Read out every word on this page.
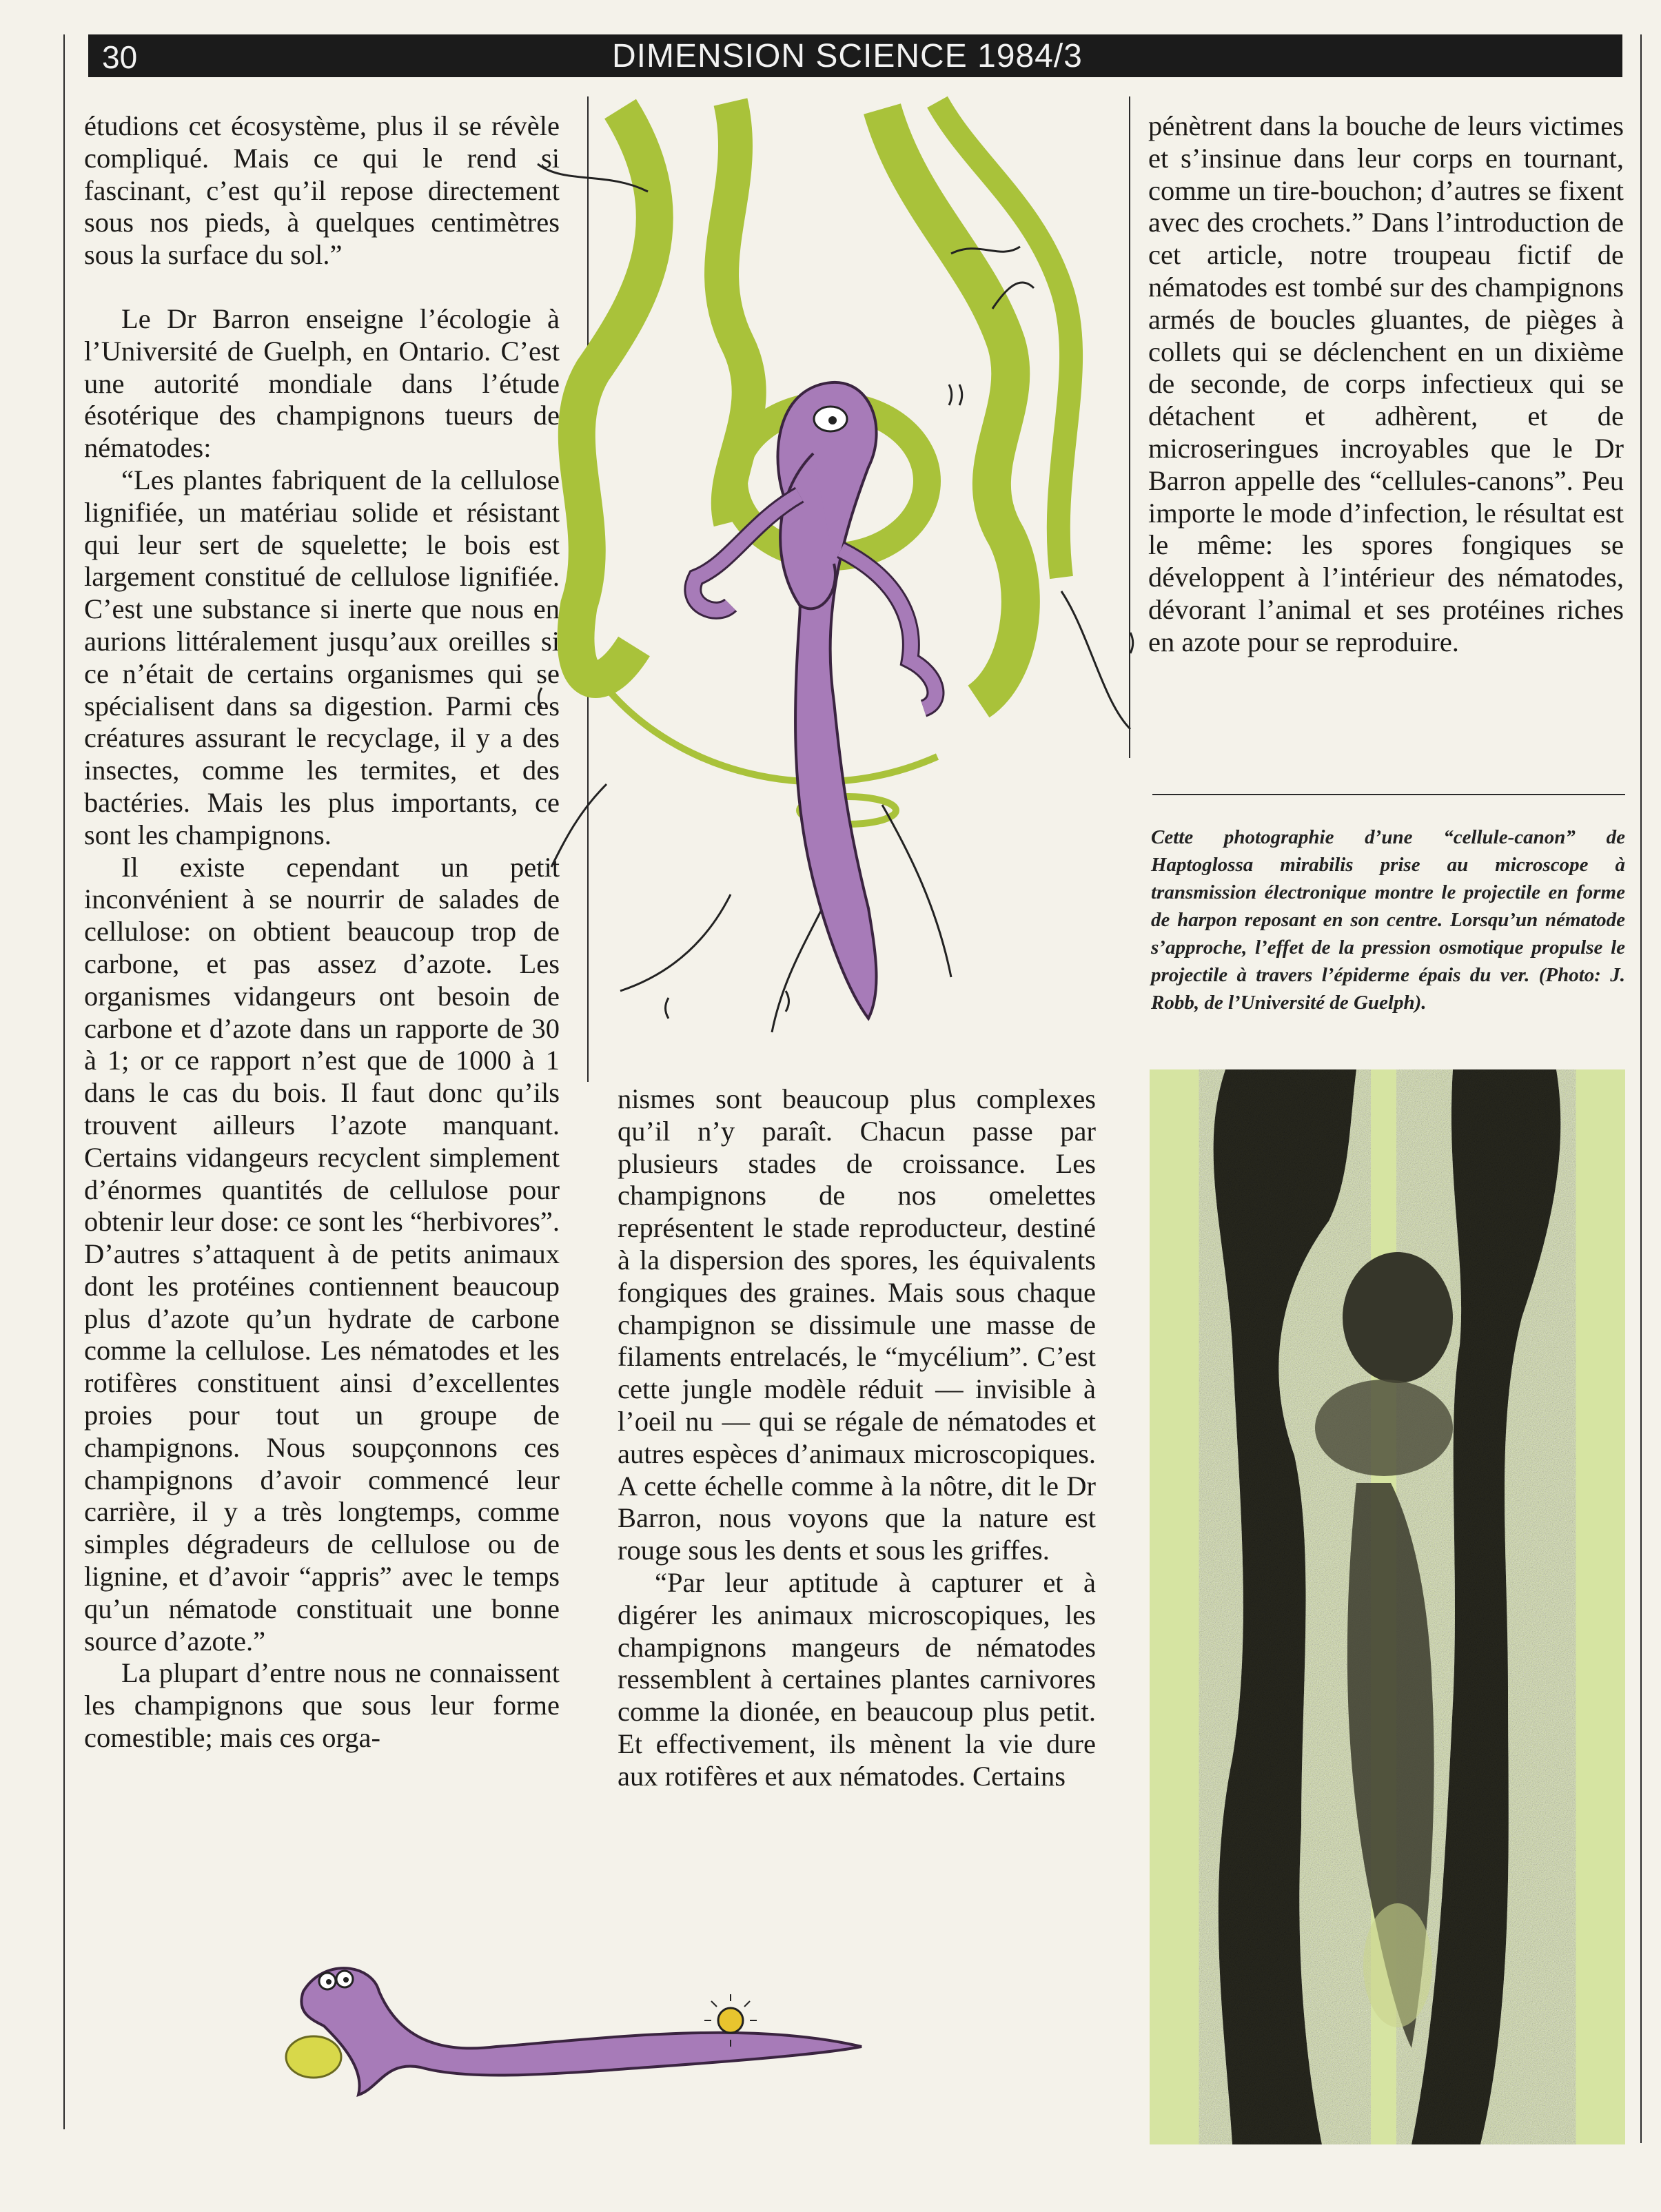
30	DIMENSION SCIENCE 1984/3

étudions cet écosystème, plus il se révèle compliqué. Mais ce qui le rend si fascinant, c’est qu’il repose directement sous nos pieds, à quelques centimètres sous la surface du sol.”

Le Dr Barron enseigne l’écologie à l’Université de Guelph, en Ontario. C’est une autorité mondiale dans l’étude ésotérique des champignons tueurs de nématodes:

“Les plantes fabriquent de la cellulose lignifiée, un matériau solide et résistant qui leur sert de squelette; le bois est largement constitué de cellulose lignifiée. C’est une substance si inerte que nous en aurions littéralement jusqu’aux oreilles si ce n’était de certains organismes qui se spécialisent dans sa digestion. Parmi ces créatures assurant le recyclage, il y a des insectes, comme les termites, et des bactéries. Mais les plus importants, ce sont les champignons.

Il existe cependant un petit inconvénient à se nourrir de salades de cellulose: on obtient beaucoup trop de carbone, et pas assez d’azote. Les organismes vidangeurs ont besoin de carbone et d’azote dans un rapporte de 30 à 1; or ce rapport n’est que de 1000 à 1 dans le cas du bois. Il faut donc qu’ils trouvent ailleurs l’azote manquant. Certains vidangeurs recyclent simplement d’énormes quantités de cellulose pour obtenir leur dose: ce sont les “herbivores”. D’autres s’attaquent à de petits animaux dont les protéines contiennent beaucoup plus d’azote qu’un hydrate de carbone comme la cellulose. Les nématodes et les rotifères constituent ainsi d’excellentes proies pour tout un groupe de champignons. Nous soupçonnons ces champignons d’avoir commencé leur carrière, il y a très longtemps, comme simples dégradeurs de cellulose ou de lignine, et d’avoir “appris” avec le temps qu’un nématode constituait une bonne source d’azote.”

La plupart d’entre nous ne connaissent les champignons que sous leur forme comestible; mais ces orga-

nismes sont beaucoup plus complexes qu’il n’y paraît. Chacun passe par plusieurs stades de croissance. Les champignons de nos omelettes représentent le stade reproducteur, destiné à la dispersion des spores, les équivalents fongiques des graines. Mais sous chaque champignon se dissimule une masse de filaments entrelacés, le “mycélium”. C’est cette jungle modèle réduit — invisible à l’oeil nu — qui se régale de nématodes et autres espèces d’animaux microscopiques. A cette échelle comme à la nôtre, dit le Dr Barron, nous voyons que la nature est rouge sous les dents et sous les griffes.

“Par leur aptitude à capturer et à digérer les animaux microscopiques, les champignons mangeurs de nématodes ressemblent à certaines plantes carnivores comme la dionée, en beaucoup plus petit. Et effectivement, ils mènent la vie dure aux rotifères et aux nématodes. Certains

pénètrent dans la bouche de leurs victimes et s’insinue dans leur corps en tournant, comme un tire-bouchon; d’autres se fixent avec des crochets.” Dans l’introduction de cet article, notre troupeau fictif de nématodes est tombé sur des champignons armés de boucles gluantes, de pièges à collets qui se déclenchent en un dixième de seconde, de corps infectieux qui se détachent et adhèrent, et de microseringues incroyables que le Dr Barron appelle des “cellules-canons”. Peu importe le mode d’infection, le résultat est le même: les spores fongiques se développent à l’intérieur des nématodes, dévorant l’animal et ses protéines riches en azote pour se reproduire.

Cette photographie d’une “cellule-canon” de Haptoglossa mirabilis prise au microscope à transmission électronique montre le projectile en forme de harpon reposant en son centre. Lorsqu’un nématode s’approche, l’effet de la pression osmotique propulse le projectile à travers l’épiderme épais du ver. (Photo: J. Robb, de l’Université de Guelph).
